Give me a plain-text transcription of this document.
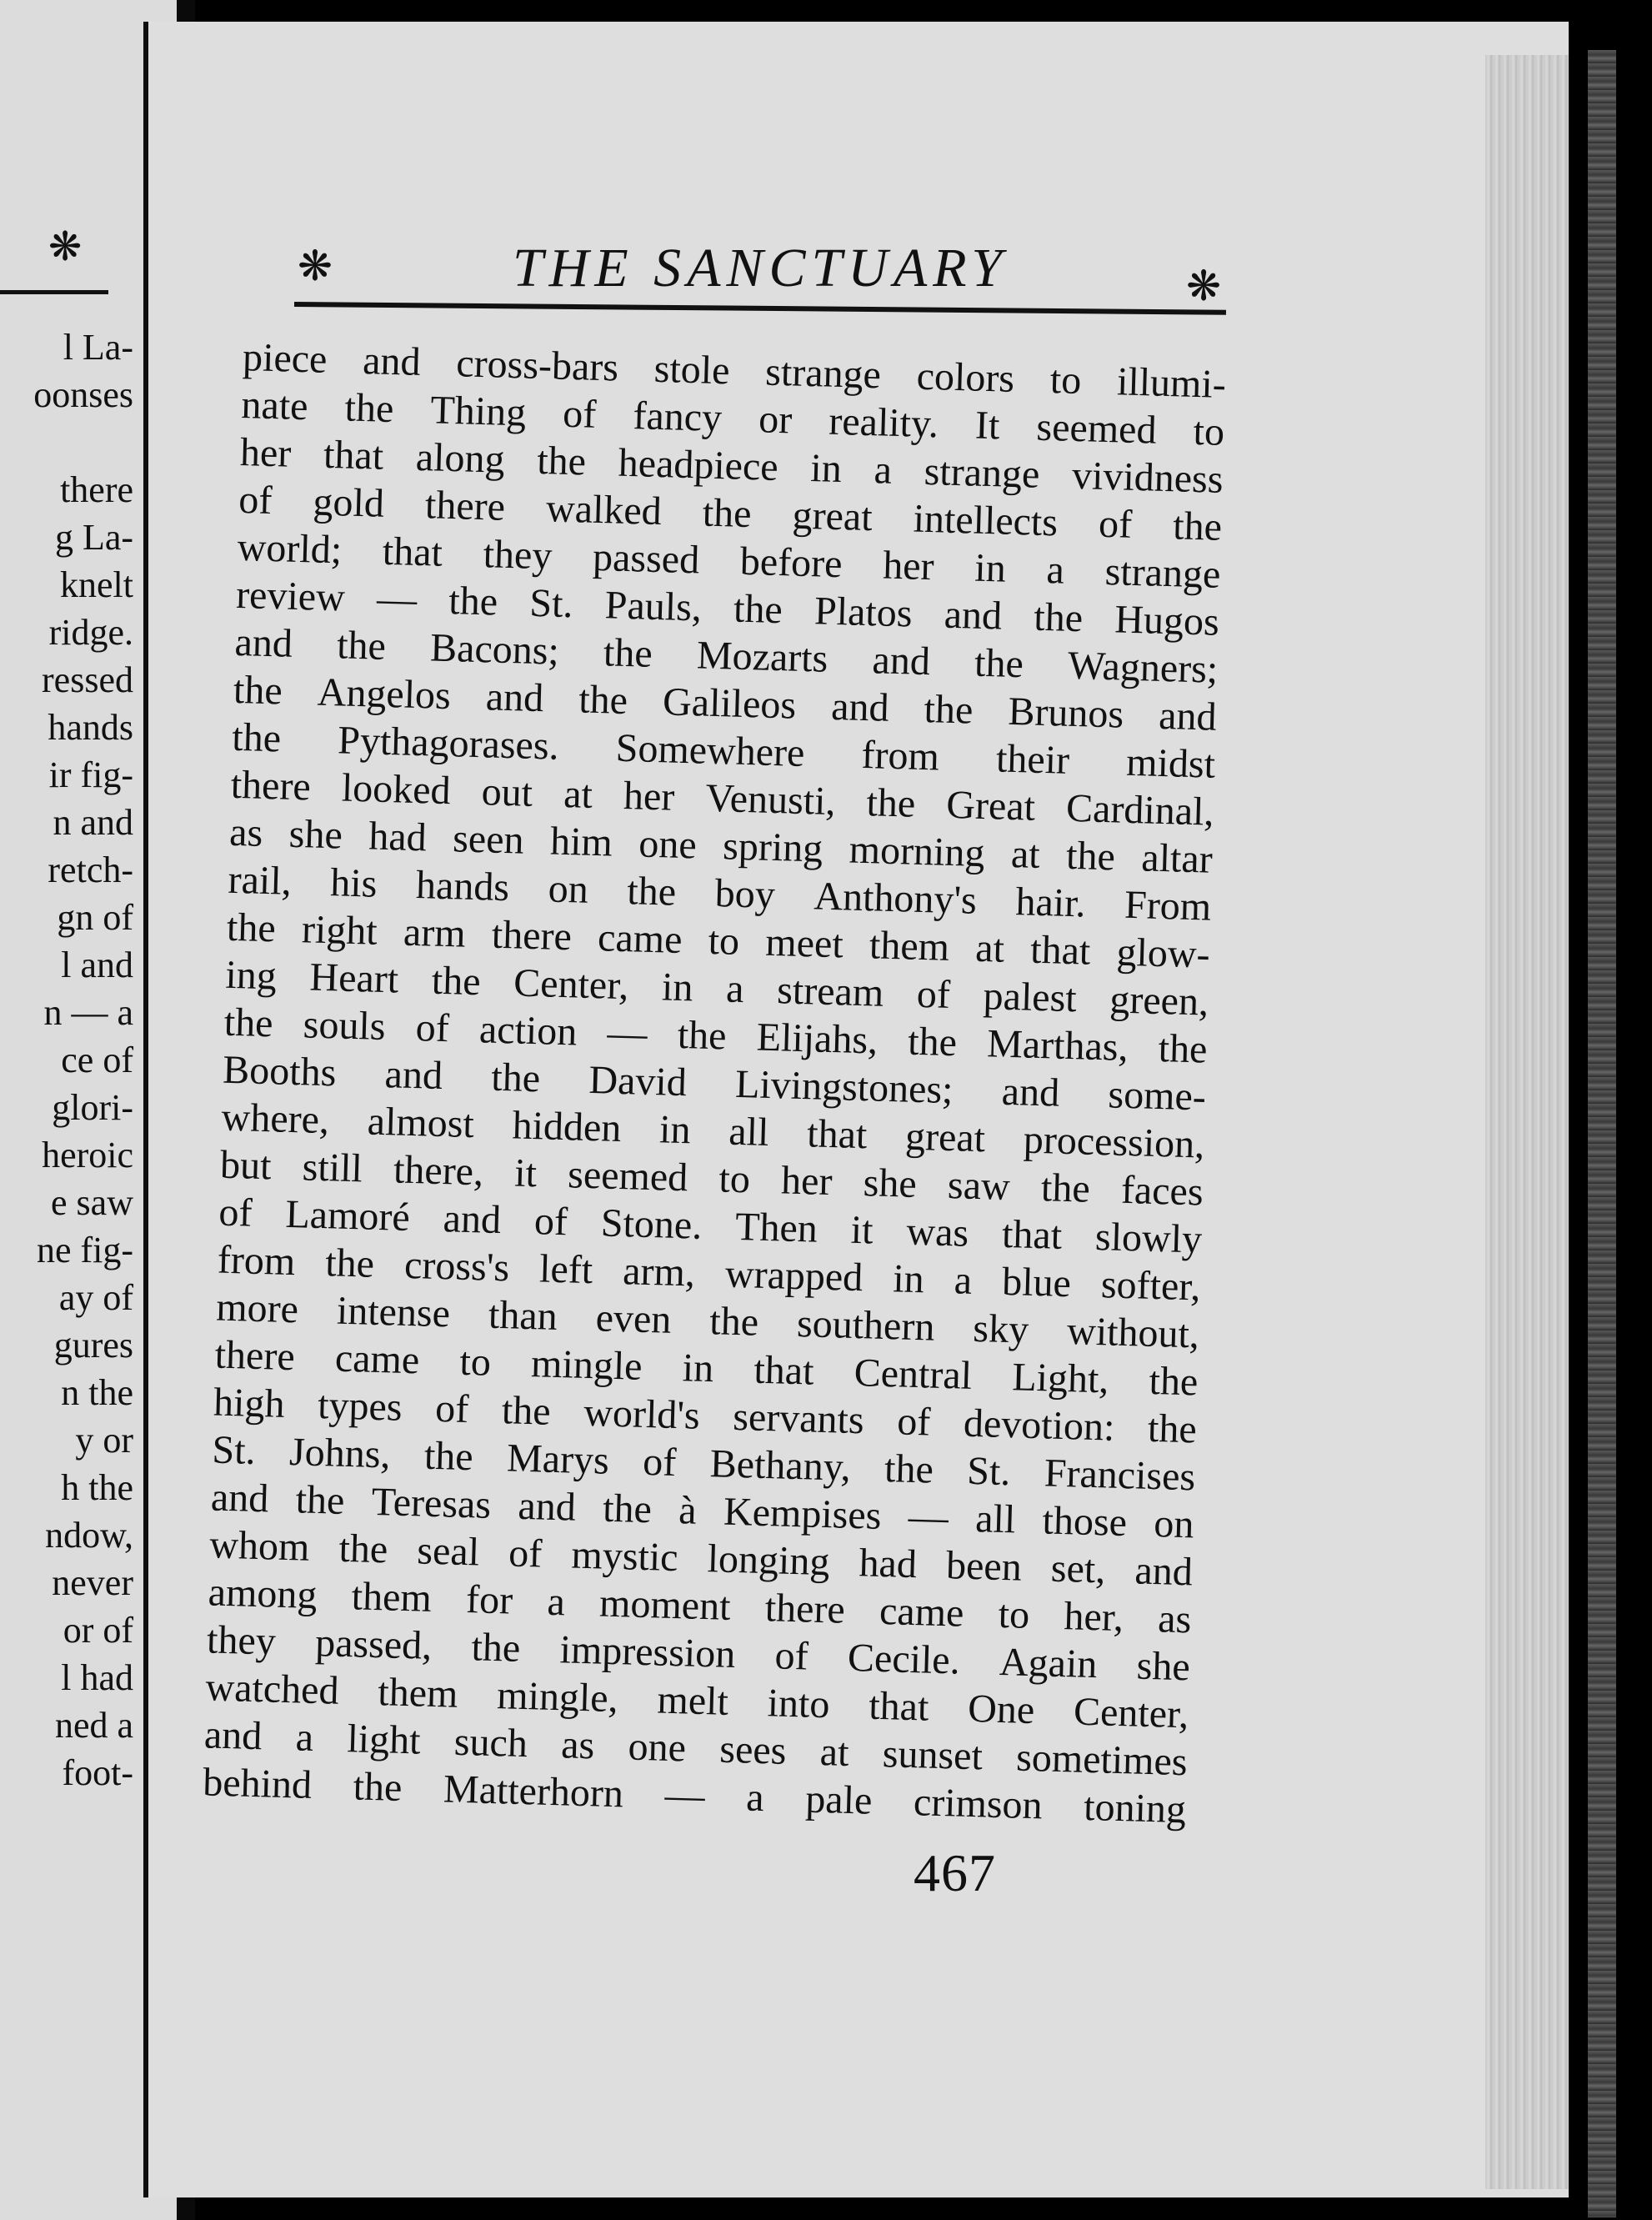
❋
l La-
oonses

there
g La-
knelt
ridge.
ressed
hands
ir fig-
n and
retch-
gn of
l and
n — a
ce of
glori-
heroic
e saw
ne fig-
ay of
gures
n the
y or
h the
ndow,
never
or of
l had
ned a
foot-
❋	THE SANCTUARY	❋
piece and cross-bars stole strange colors to illumi-
nate the Thing of fancy or reality. It seemed to
her that along the headpiece in a strange vividness
of gold there walked the great intellects of the
world; that they passed before her in a strange
review — the St. Pauls, the Platos and the Hugos
and the Bacons; the Mozarts and the Wagners;
the Angelos and the Galileos and the Brunos and
the Pythagorases. Somewhere from their midst
there looked out at her Venusti, the Great Cardinal,
as she had seen him one spring morning at the altar
rail, his hands on the boy Anthony's hair. From
the right arm there came to meet them at that glow-
ing Heart the Center, in a stream of palest green,
the souls of action — the Elijahs, the Marthas, the
Booths and the David Livingstones; and some-
where, almost hidden in all that great procession,
but still there, it seemed to her she saw the faces
of Lamoré and of Stone. Then it was that slowly
from the cross's left arm, wrapped in a blue softer,
more intense than even the southern sky without,
there came to mingle in that Central Light, the
high types of the world's servants of devotion: the
St. Johns, the Marys of Bethany, the St. Francises
and the Teresas and the à Kempises — all those on
whom the seal of mystic longing had been set, and
among them for a moment there came to her, as
they passed, the impression of Cecile. Again she
watched them mingle, melt into that One Center,
and a light such as one sees at sunset sometimes
behind the Matterhorn — a pale crimson toning
467
